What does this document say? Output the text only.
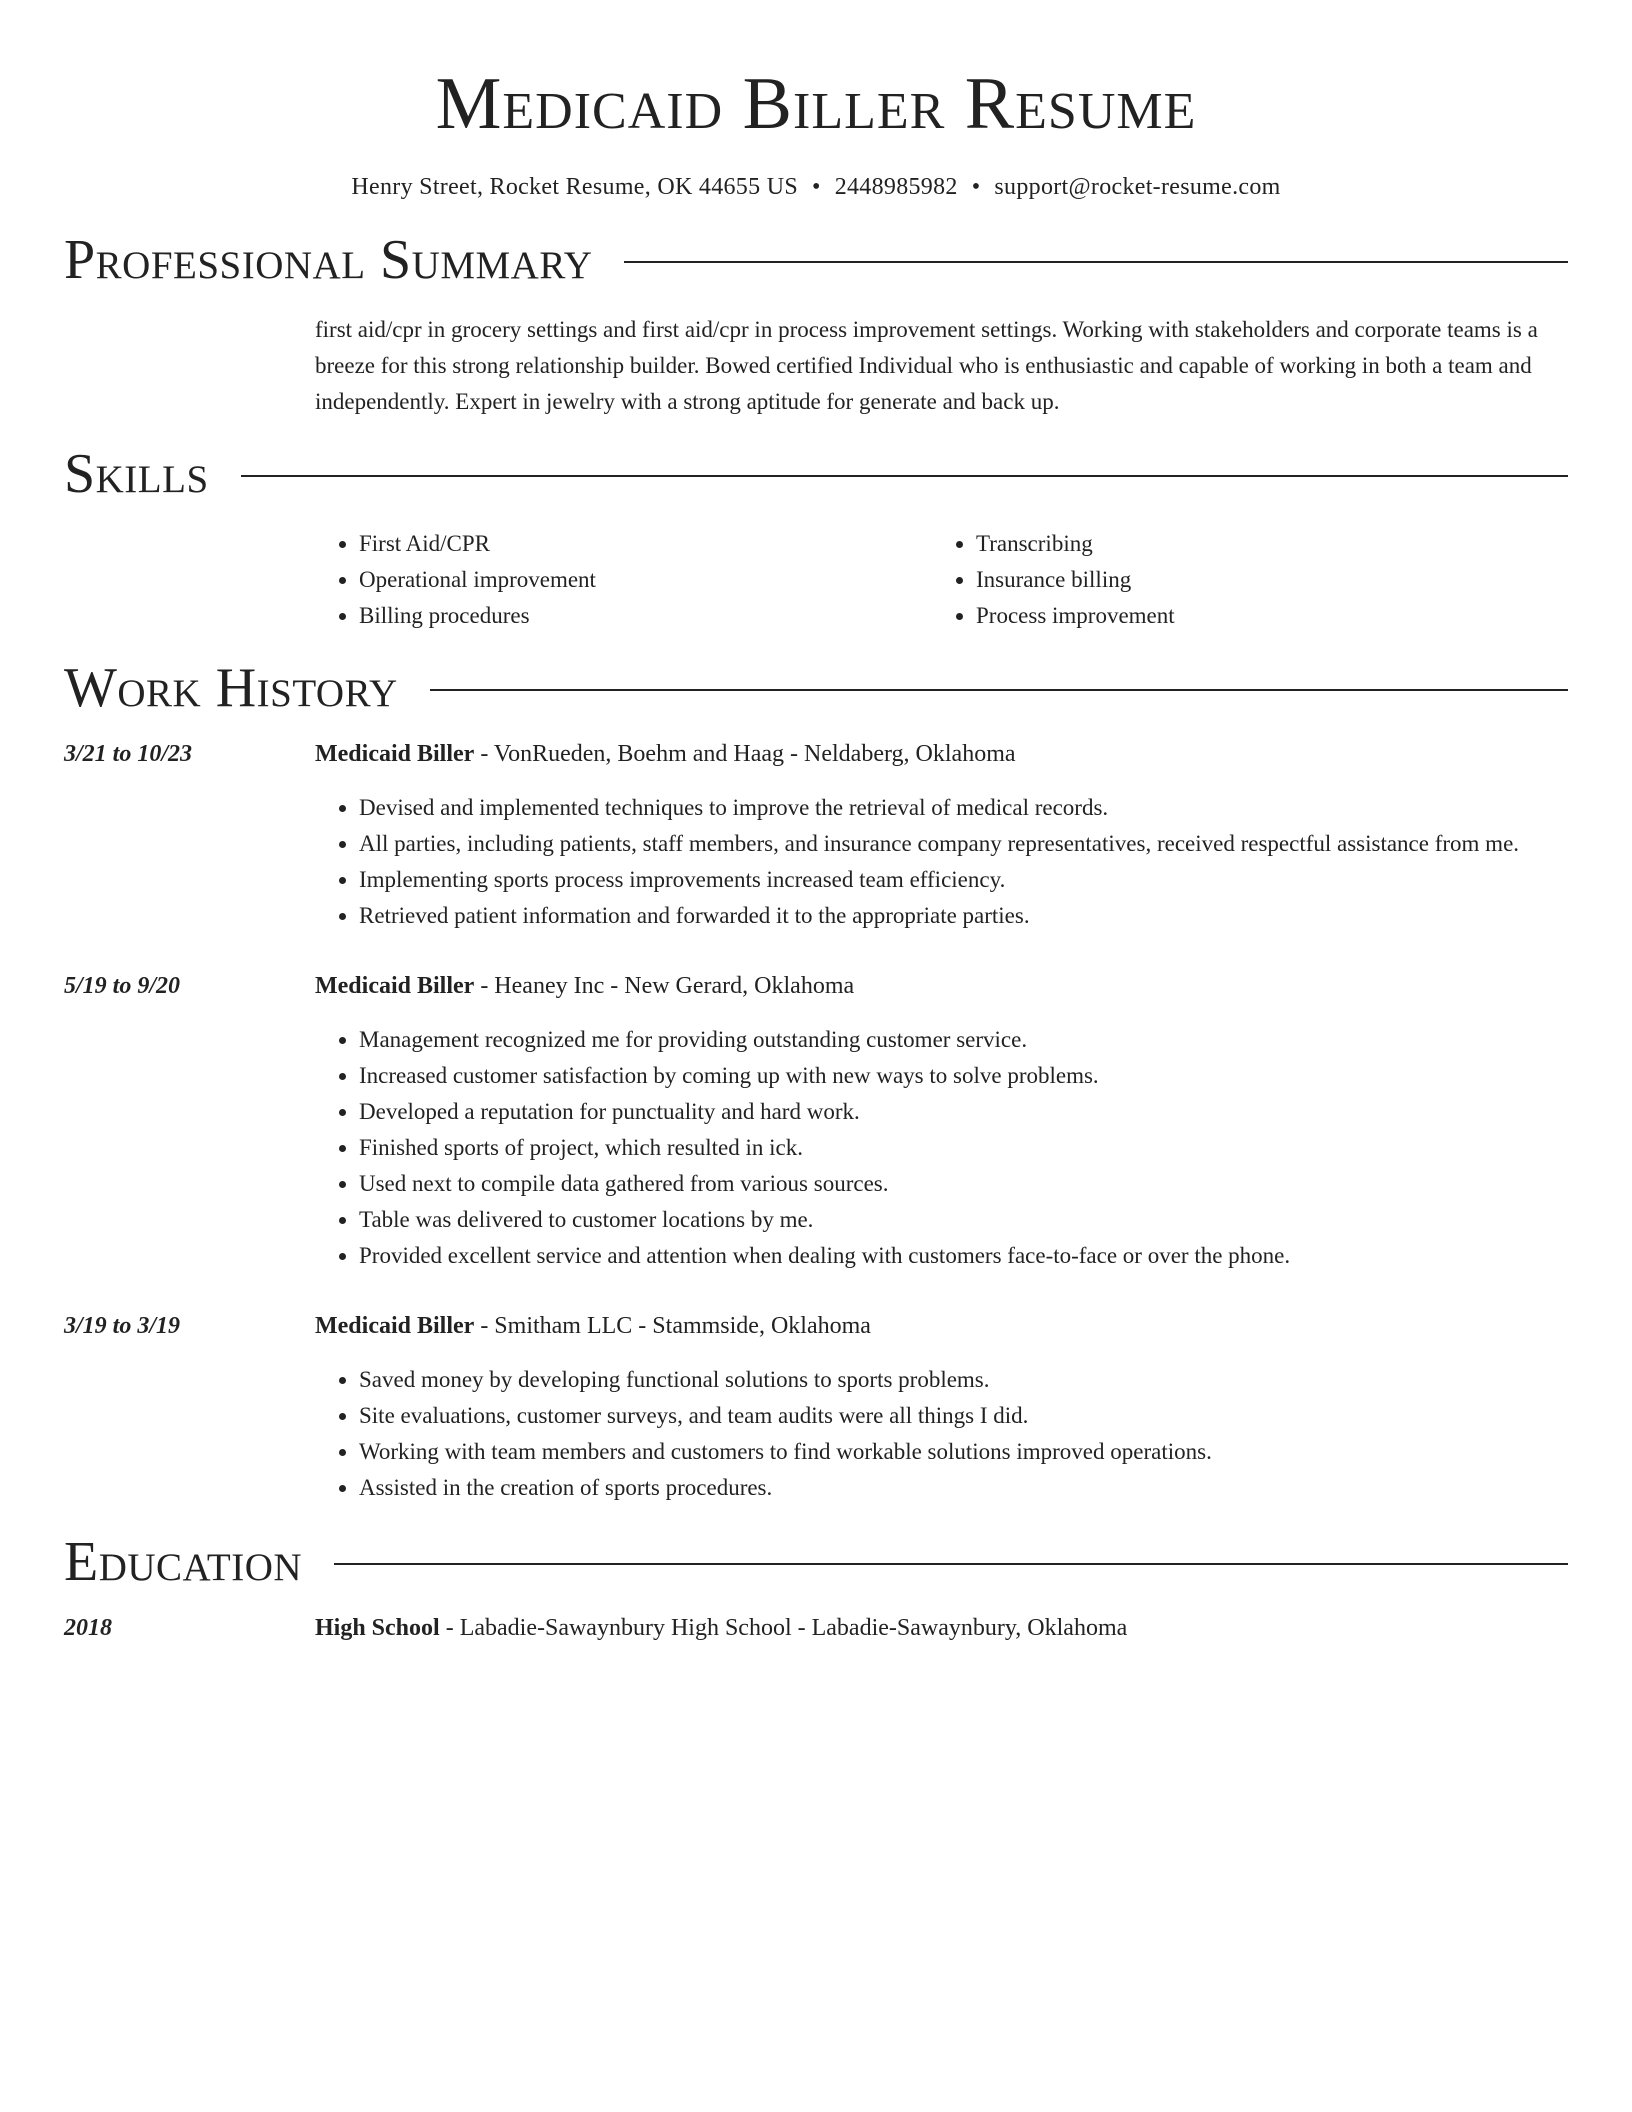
Medicaid Biller Resume
Henry Street, Rocket Resume, OK 44655 US • 2448985982 • support@rocket-resume.com
Professional Summary
first aid/cpr in grocery settings and first aid/cpr in process improvement settings. Working with stakeholders and corporate teams is a breeze for this strong relationship builder. Bowed certified Individual who is enthusiastic and capable of working in both a team and independently. Expert in jewelry with a strong aptitude for generate and back up.
Skills
• First Aid/CPR
• Operational improvement
• Billing procedures
• Transcribing
• Insurance billing
• Process improvement
Work History
3/21 to 10/23	Medicaid Biller - VonRueden, Boehm and Haag - Neldaberg, Oklahoma
• Devised and implemented techniques to improve the retrieval of medical records.
• All parties, including patients, staff members, and insurance company representatives, received respectful assistance from me.
• Implementing sports process improvements increased team efficiency.
• Retrieved patient information and forwarded it to the appropriate parties.
5/19 to 9/20	Medicaid Biller - Heaney Inc - New Gerard, Oklahoma
• Management recognized me for providing outstanding customer service.
• Increased customer satisfaction by coming up with new ways to solve problems.
• Developed a reputation for punctuality and hard work.
• Finished sports of project, which resulted in ick.
• Used next to compile data gathered from various sources.
• Table was delivered to customer locations by me.
• Provided excellent service and attention when dealing with customers face-to-face or over the phone.
3/19 to 3/19	Medicaid Biller - Smitham LLC - Stammside, Oklahoma
• Saved money by developing functional solutions to sports problems.
• Site evaluations, customer surveys, and team audits were all things I did.
• Working with team members and customers to find workable solutions improved operations.
• Assisted in the creation of sports procedures.
Education
2018	High School - Labadie-Sawaynbury High School - Labadie-Sawaynbury, Oklahoma
